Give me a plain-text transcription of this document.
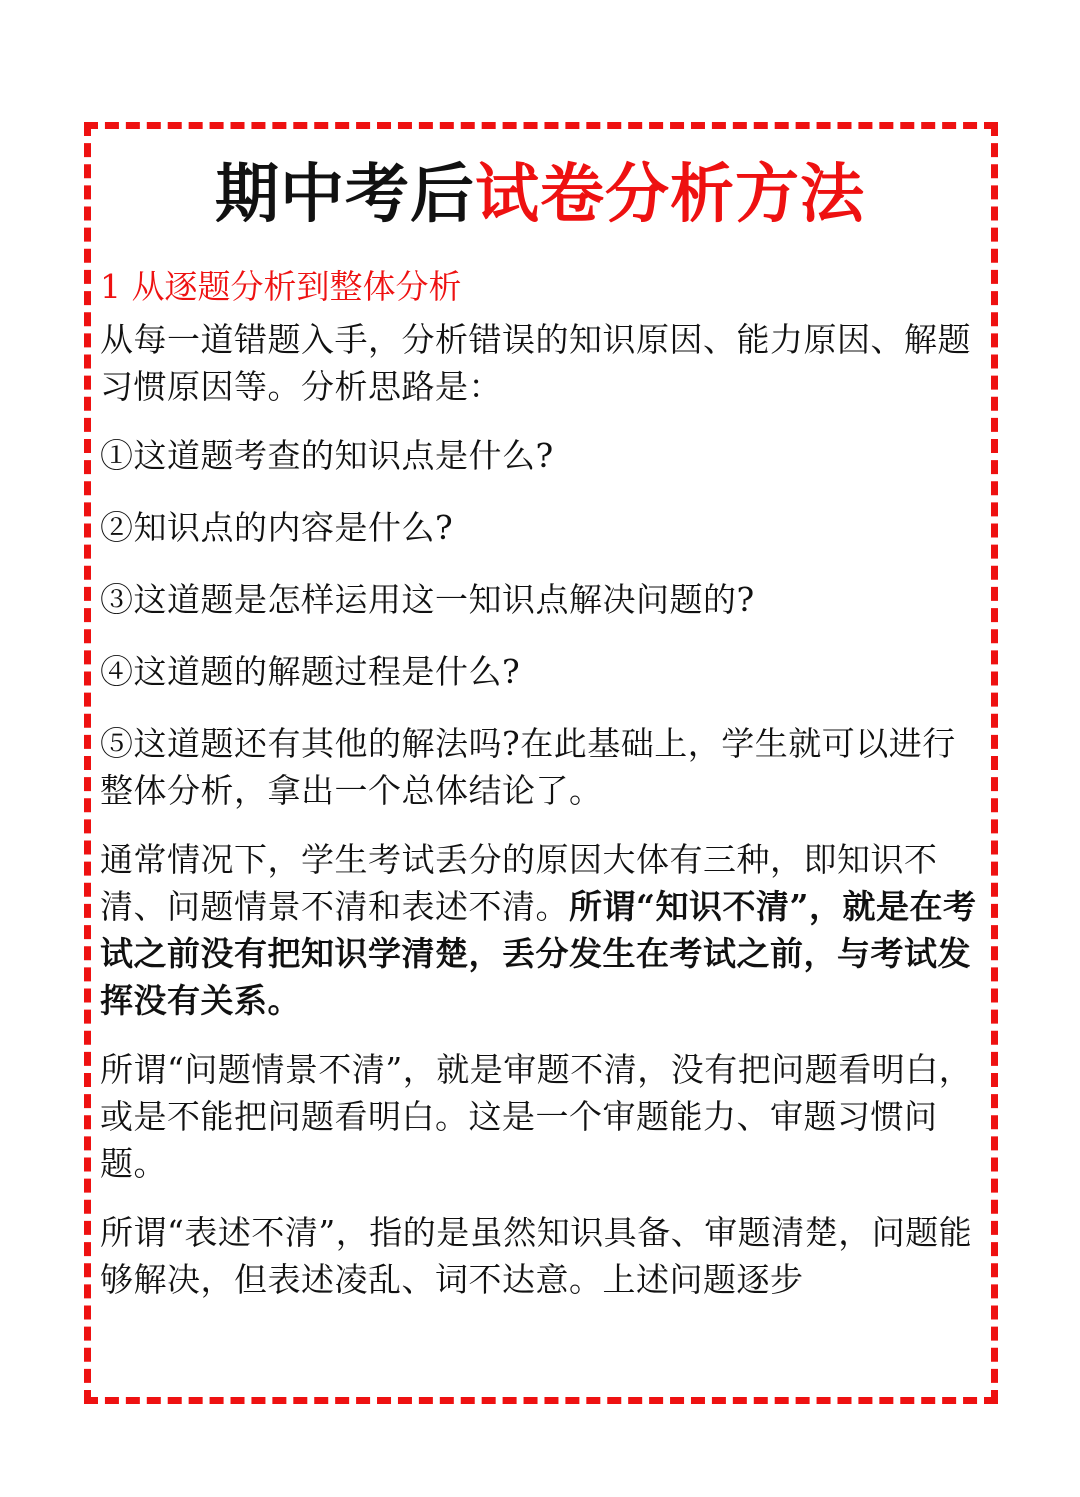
期中考后试卷分析方法
1 从逐题分析到整体分析

从每一道错题入手，分析错误的知识原因、能力原因、解题习惯原因等。分析思路是：

①这道题考查的知识点是什么?

②知识点的内容是什么?

③这道题是怎样运用这一知识点解决问题的?

④这道题的解题过程是什么?

⑤这道题还有其他的解法吗?在此基础上，学生就可以进行整体分析，拿出一个总体结论了。

通常情况下，学生考试丢分的原因大体有三种，即知识不清、问题情景不清和表述不清。所谓“知识不清”，就是在考试之前没有把知识学清楚，丢分发生在考试之前，与考试发挥没有关系。

所谓“问题情景不清”，就是审题不清，没有把问题看明白，或是不能把问题看明白。这是一个审题能力、审题习惯问题。

所谓“表述不清”，指的是虽然知识具备、审题清楚，问题能够解决，但表述凌乱、词不达意。上述问题逐步
